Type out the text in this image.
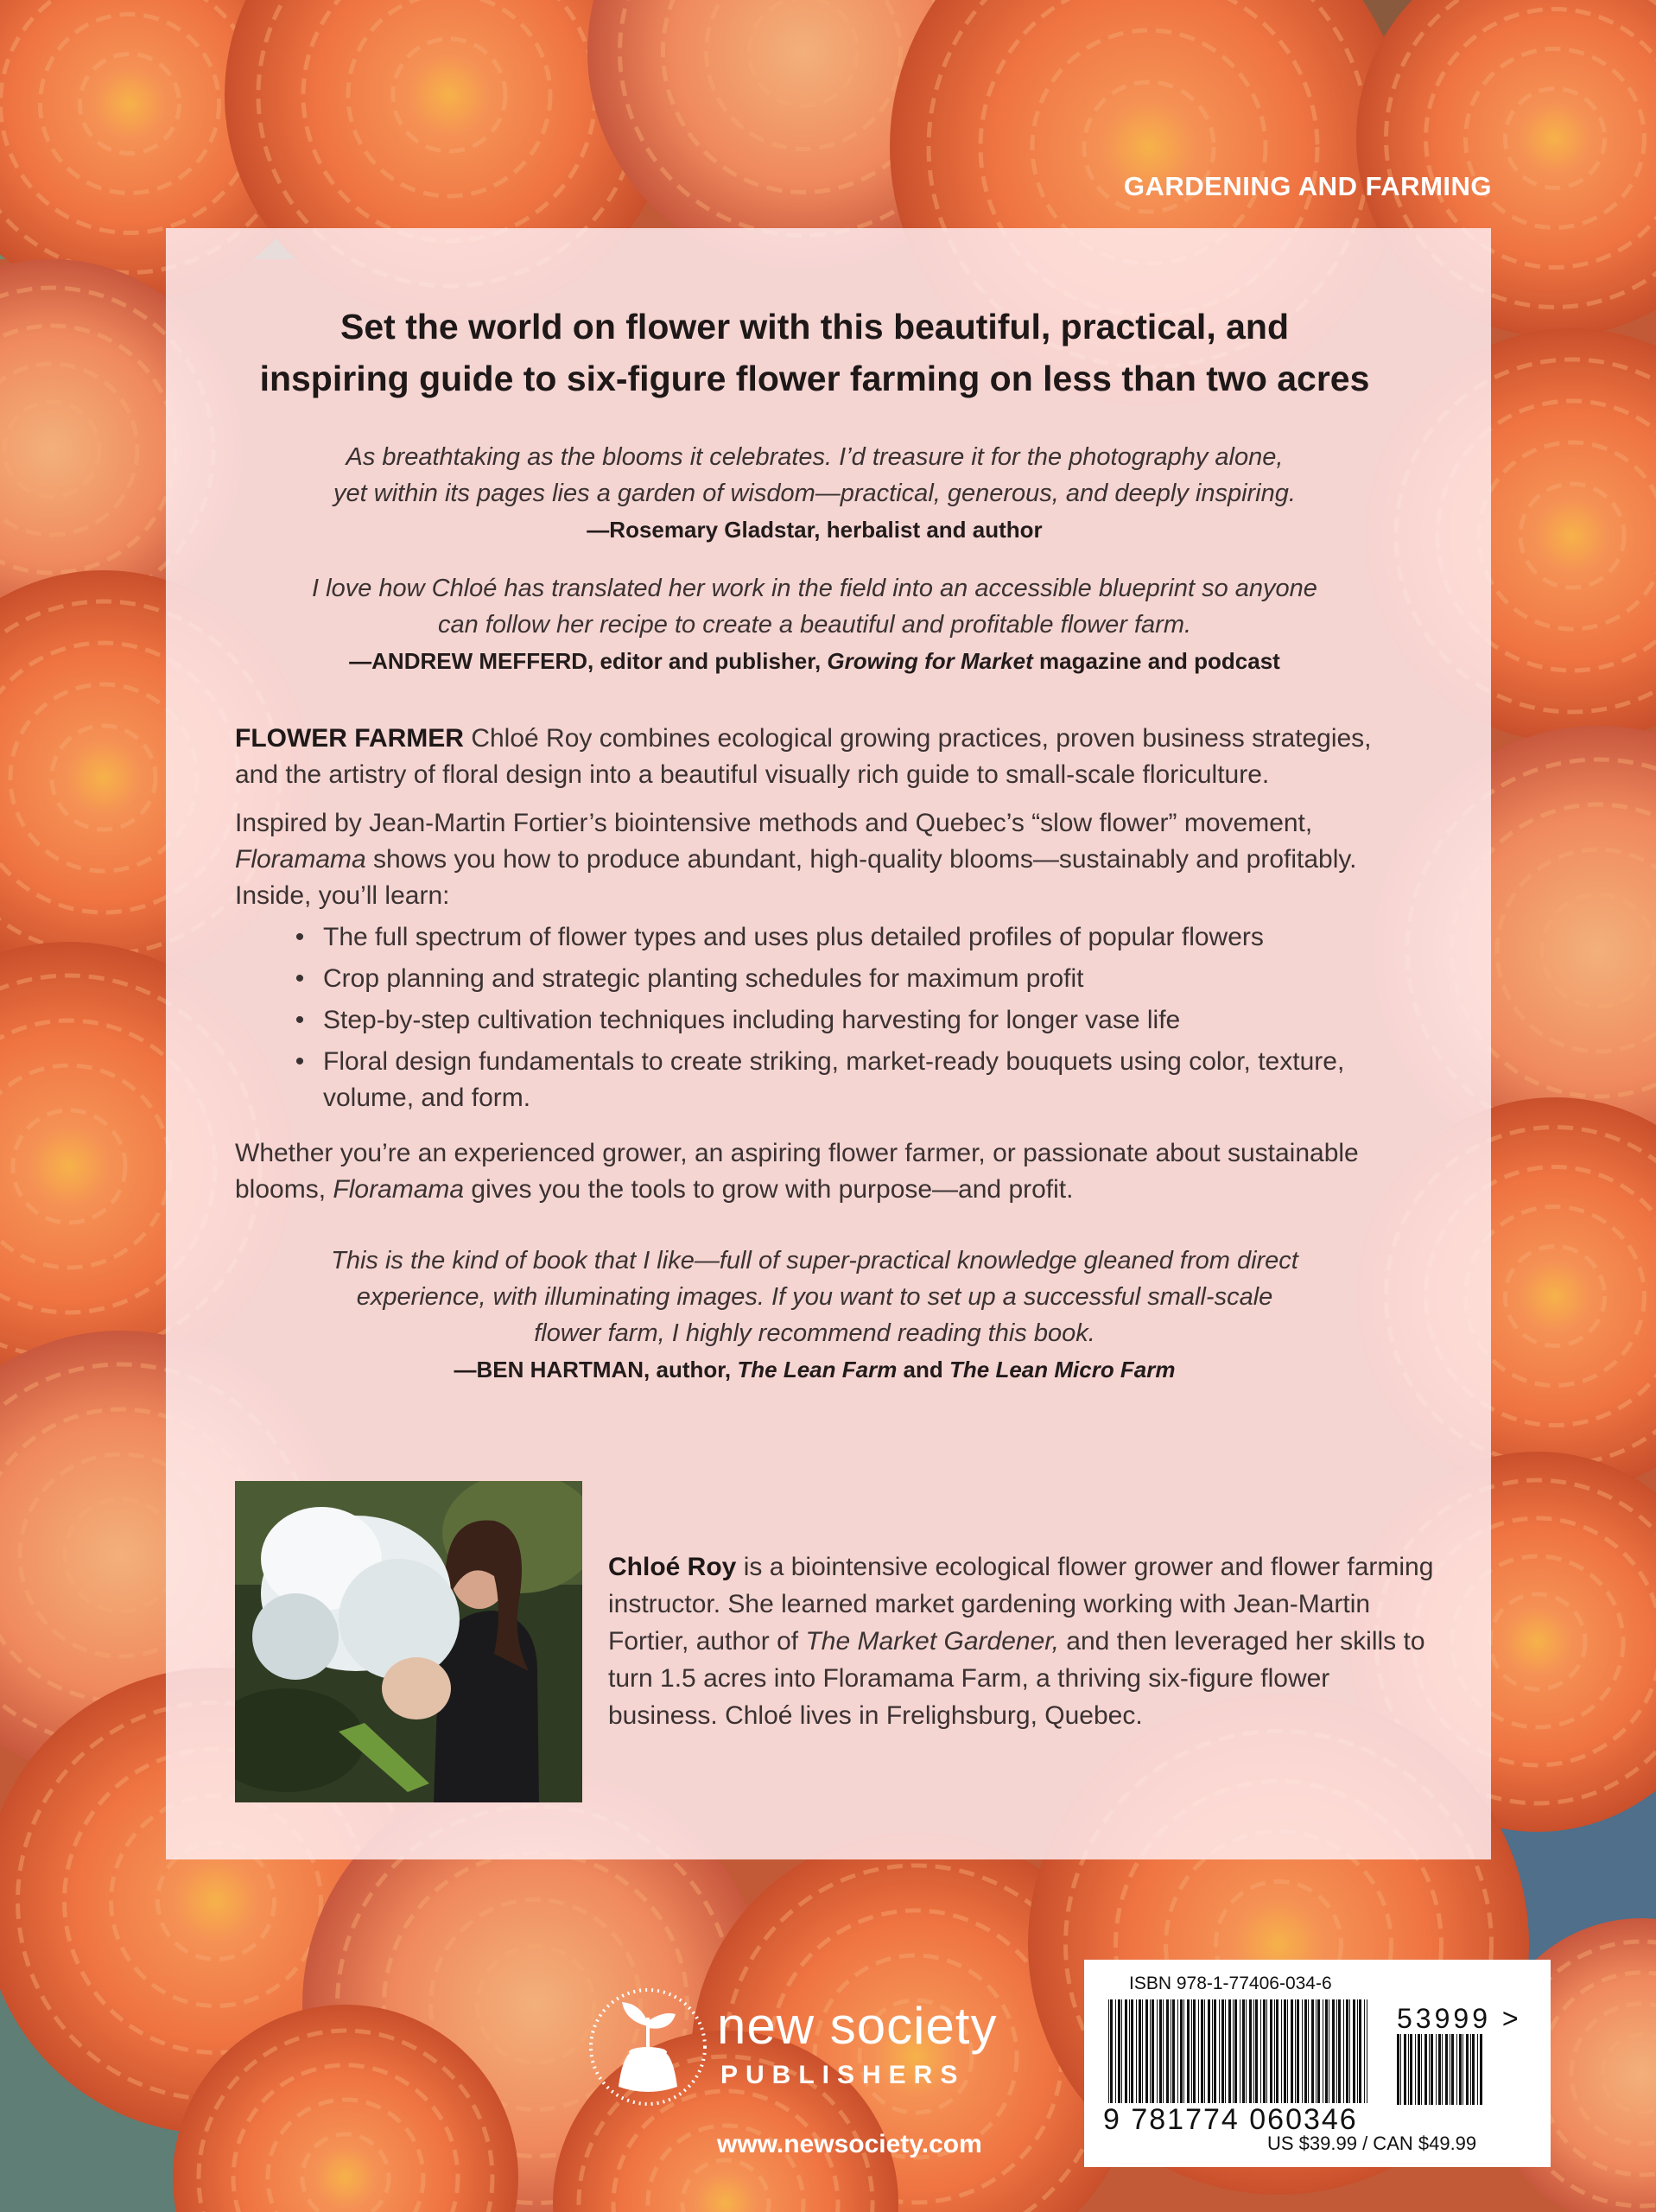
GARDENING AND FARMING

Set the world on flower with this beautiful, practical, and
inspiring guide to six-figure flower farming on less than two acres

As breathtaking as the blooms it celebrates. I’d treasure it for the photography alone,
yet within its pages lies a garden of wisdom—practical, generous, and deeply inspiring.

—Rosemary Gladstar, herbalist and author

I love how Chloé has translated her work in the field into an accessible blueprint so anyone
can follow her recipe to create a beautiful and profitable flower farm.

—ANDREW MEFFERD, editor and publisher, Growing for Market magazine and podcast

FLOWER FARMER Chloé Roy combines ecological growing practices, proven business strategies, and the artistry of floral design into a beautiful visually rich guide to small-scale floriculture.

Inspired by Jean-Martin Fortier’s biointensive methods and Quebec’s “slow flower” movement, Floramama shows you how to produce abundant, high-quality blooms—sustainably and profitably. Inside, you’ll learn:

• The full spectrum of flower types and uses plus detailed profiles of popular flowers
• Crop planning and strategic planting schedules for maximum profit
• Step-by-step cultivation techniques including harvesting for longer vase life
• Floral design fundamentals to create striking, market-ready bouquets using color, texture, volume, and form.

Whether you’re an experienced grower, an aspiring flower farmer, or passionate about sustainable blooms, Floramama gives you the tools to grow with purpose—and profit.

This is the kind of book that I like—full of super-practical knowledge gleaned from direct
experience, with illuminating images. If you want to set up a successful small-scale
flower farm, I highly recommend reading this book.

—BEN HARTMAN, author, The Lean Farm and The Lean Micro Farm

Chloé Roy is a biointensive ecological flower grower and flower farming instructor. She learned market gardening working with Jean-Martin Fortier, author of The Market Gardener, and then leveraged her skills to turn 1.5 acres into Floramama Farm, a thriving six-figure flower business. Chloé lives in Frelighsburg, Quebec.

new society
PUBLISHERS
www.newsociety.com
ISBN 978-1-77406-034-6
53999 >
9 781774 060346
US $39.99 / CAN $49.99
